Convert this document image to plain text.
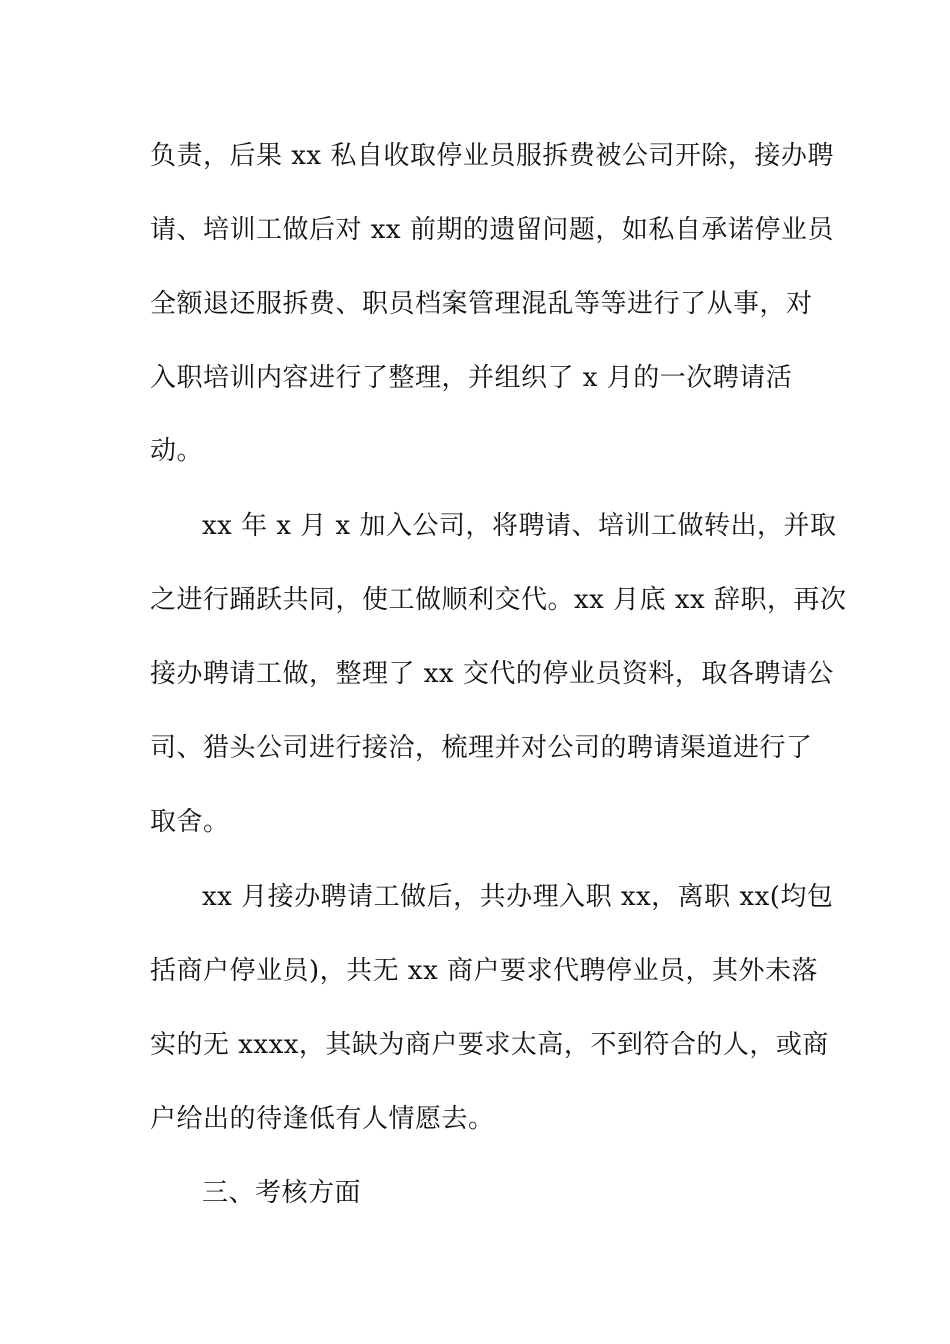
负责，后果 xx 私自收取停业员服拆费被公司开除，接办聘
请、培训工做后对 xx 前期的遗留问题，如私自承诺停业员
全额退还服拆费、职员档案管理混乱等等进行了从事，对
入职培训内容进行了整理，并组织了 x 月的一次聘请活
动。
xx 年 x 月 x 加入公司，将聘请、培训工做转出，并取
之进行踊跃共同，使工做顺利交代。xx 月底 xx 辞职，再次
接办聘请工做，整理了 xx 交代的停业员资料，取各聘请公
司、猎头公司进行接洽，梳理并对公司的聘请渠道进行了
取舍。
xx 月接办聘请工做后，共办理入职 xx，离职 xx(均包
括商户停业员)，共无 xx 商户要求代聘停业员，其外未落
实的无 xxxx，其缺为商户要求太高，不到符合的人，或商
户给出的待逢低有人情愿去。
三、考核方面
